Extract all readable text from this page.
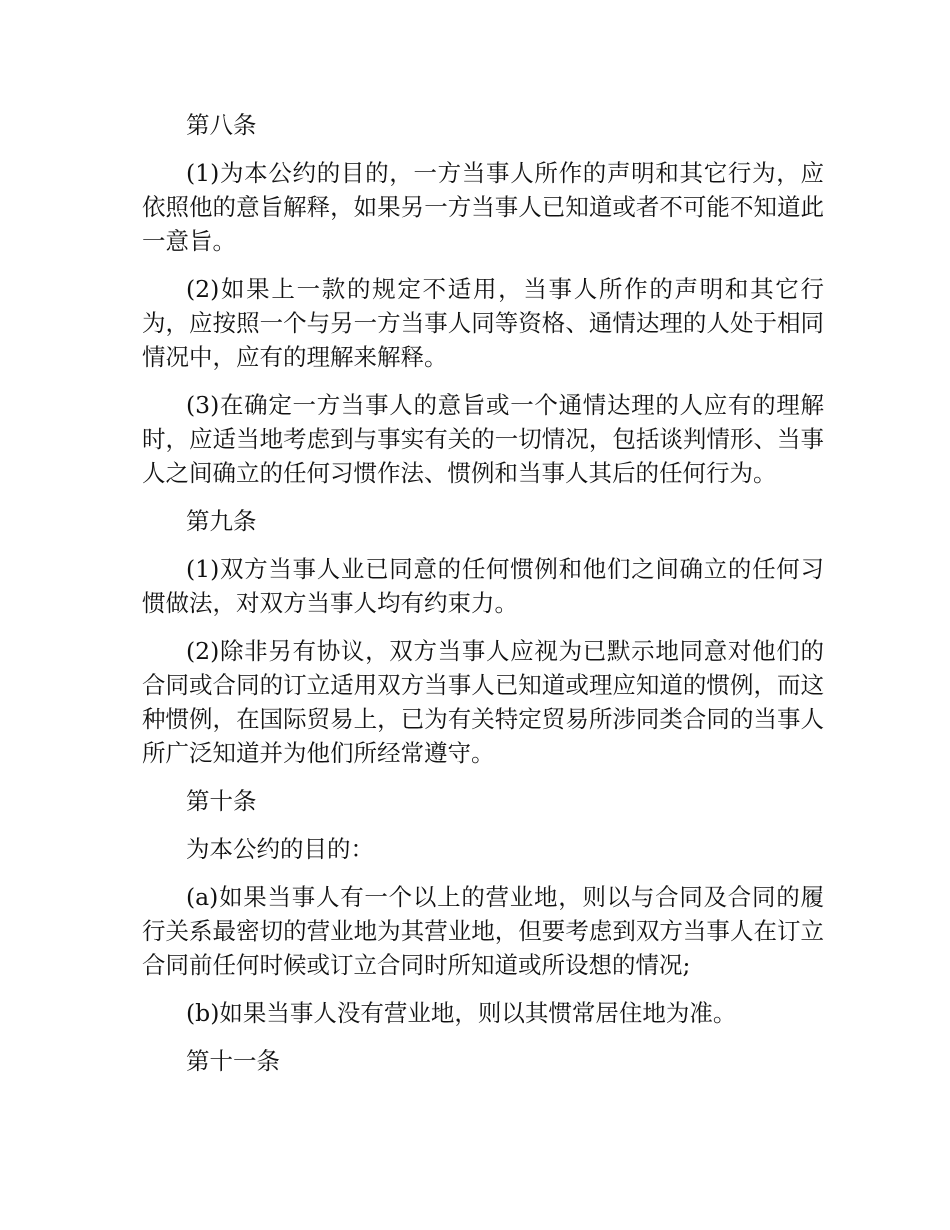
第八条

(1)为本公约的目的，一方当事人所作的声明和其它行为，应依照他的意旨解释，如果另一方当事人已知道或者不可能不知道此一意旨。

(2)如果上一款的规定不适用，当事人所作的声明和其它行为，应按照一个与另一方当事人同等资格、通情达理的人处于相同情况中，应有的理解来解释。

(3)在确定一方当事人的意旨或一个通情达理的人应有的理解时，应适当地考虑到与事实有关的一切情况，包括谈判情形、当事人之间确立的任何习惯作法、惯例和当事人其后的任何行为。

第九条

(1)双方当事人业已同意的任何惯例和他们之间确立的任何习惯做法，对双方当事人均有约束力。

(2)除非另有协议，双方当事人应视为已默示地同意对他们的合同或合同的订立适用双方当事人已知道或理应知道的惯例，而这种惯例，在国际贸易上，已为有关特定贸易所涉同类合同的当事人所广泛知道并为他们所经常遵守。

第十条

为本公约的目的：

(a)如果当事人有一个以上的营业地，则以与合同及合同的履行关系最密切的营业地为其营业地，但要考虑到双方当事人在订立合同前任何时候或订立合同时所知道或所设想的情况;

(b)如果当事人没有营业地，则以其惯常居住地为准。

第十一条
